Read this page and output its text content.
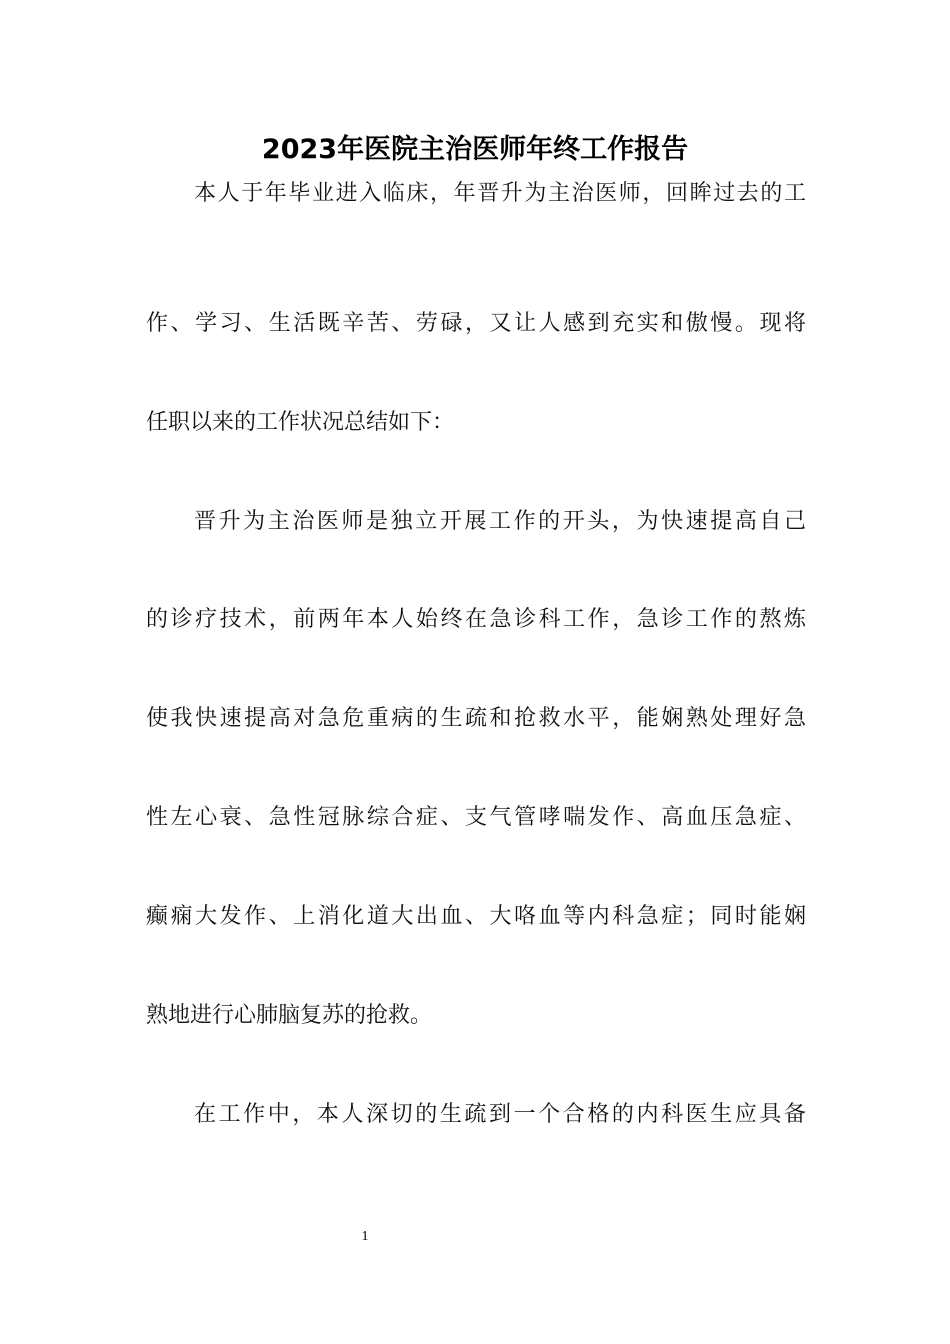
2023年医院主治医师年终工作报告
本人于年毕业进入临床，年晋升为主治医师，回眸过去的工
作、学习、生活既辛苦、劳碌，又让人感到充实和傲慢。现将
任职以来的工作状况总结如下：
晋升为主治医师是独立开展工作的开头，为快速提高自己
的诊疗技术，前两年本人始终在急诊科工作，急诊工作的熬炼
使我快速提高对急危重病的生疏和抢救水平，能娴熟处理好急
性左心衰、急性冠脉综合症、支气管哮喘发作、高血压急症、
癫痫大发作、上消化道大出血、大咯血等内科急症；同时能娴
熟地进行心肺脑复苏的抢救。
在工作中，本人深切的生疏到一个合格的内科医生应具备
1
